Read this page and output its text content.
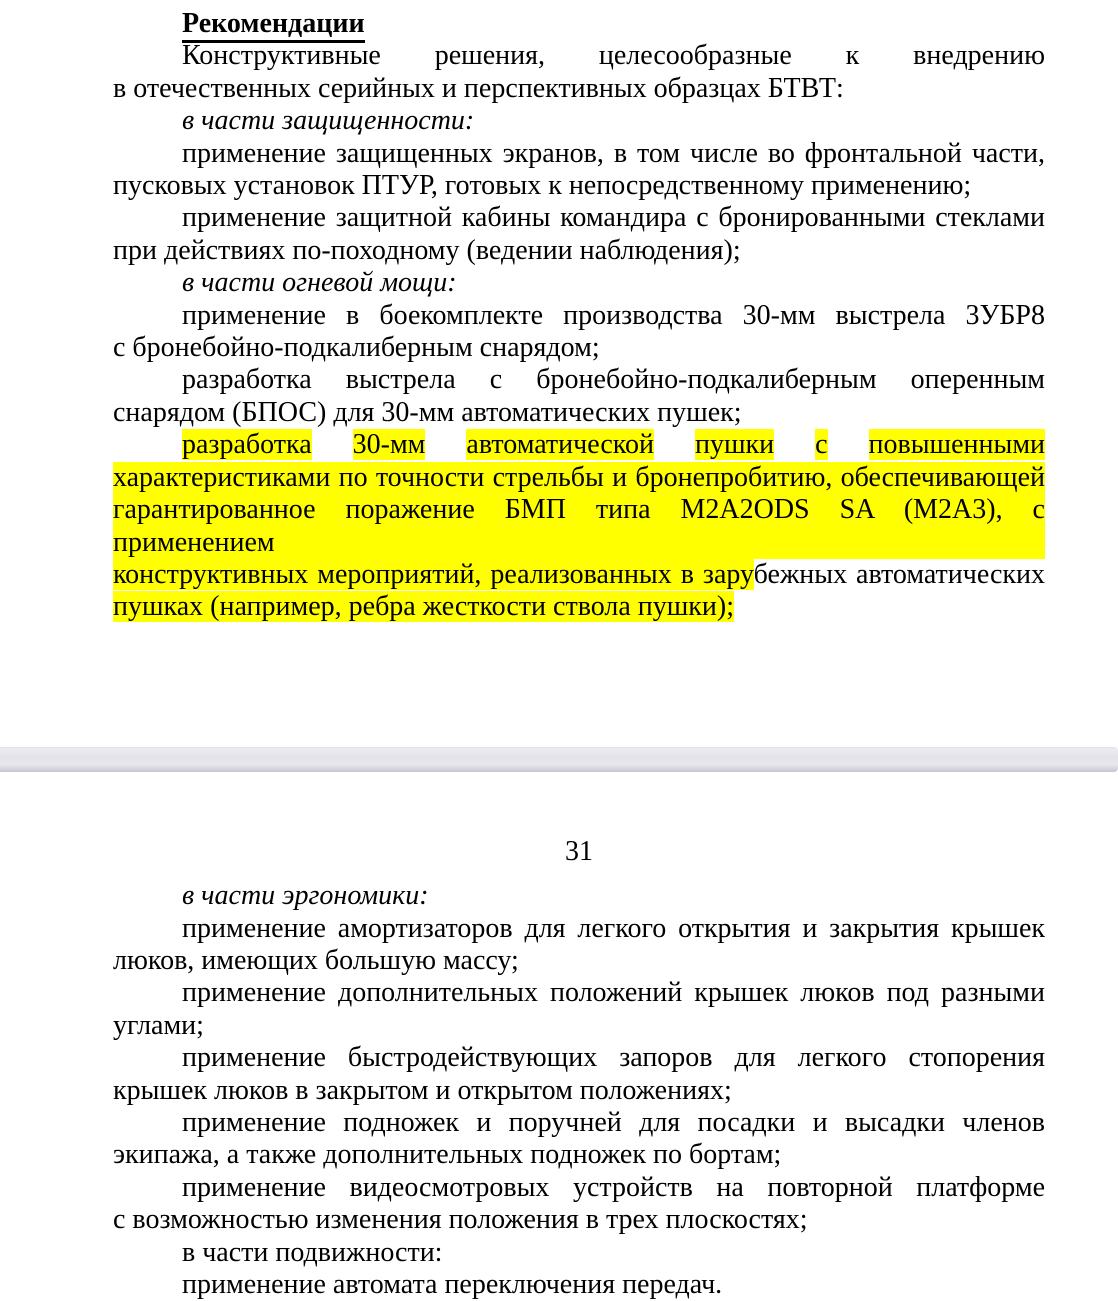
Рекомендации
Конструктивные решения, целесообразные к внедрению
в отечественных серийных и перспективных образцах БТВТ:
в части защищенности:
применение защищенных экранов, в том числе во фронтальной части,
пусковых установок ПТУР, готовых к непосредственному применению;
применение защитной кабины командира с бронированными стеклами
при действиях по-походному (ведении наблюдения);
в части огневой мощи:
применение в боекомплекте производства 30-мм выстрела 3УБР8
с бронебойно-подкалиберным снарядом;
разработка выстрела с бронебойно-подкалиберным оперенным
снарядом (БПОС) для 30-мм автоматических пушек;
разработка 30-мм автоматической пушки с повышенными
характеристиками по точности стрельбы и бронепробитию, обеспечивающей
гарантированное поражение БМП типа M2A2ODS SA (M2A3), с применением
конструктивных мероприятий, реализованных в зарубежных автоматических
пушках (например, ребра жесткости ствола пушки);
31
в части эргономики:
применение амортизаторов для легкого открытия и закрытия крышек
люков, имеющих большую массу;
применение дополнительных положений крышек люков под разными
углами;
применение быстродействующих запоров для легкого стопорения
крышек люков в закрытом и открытом положениях;
применение подножек и поручней для посадки и высадки членов
экипажа, а также дополнительных подножек по бортам;
применение видеосмотровых устройств на повторной платформе
с возможностью изменения положения в трех плоскостях;
в части подвижности:
применение автомата переключения передач.
